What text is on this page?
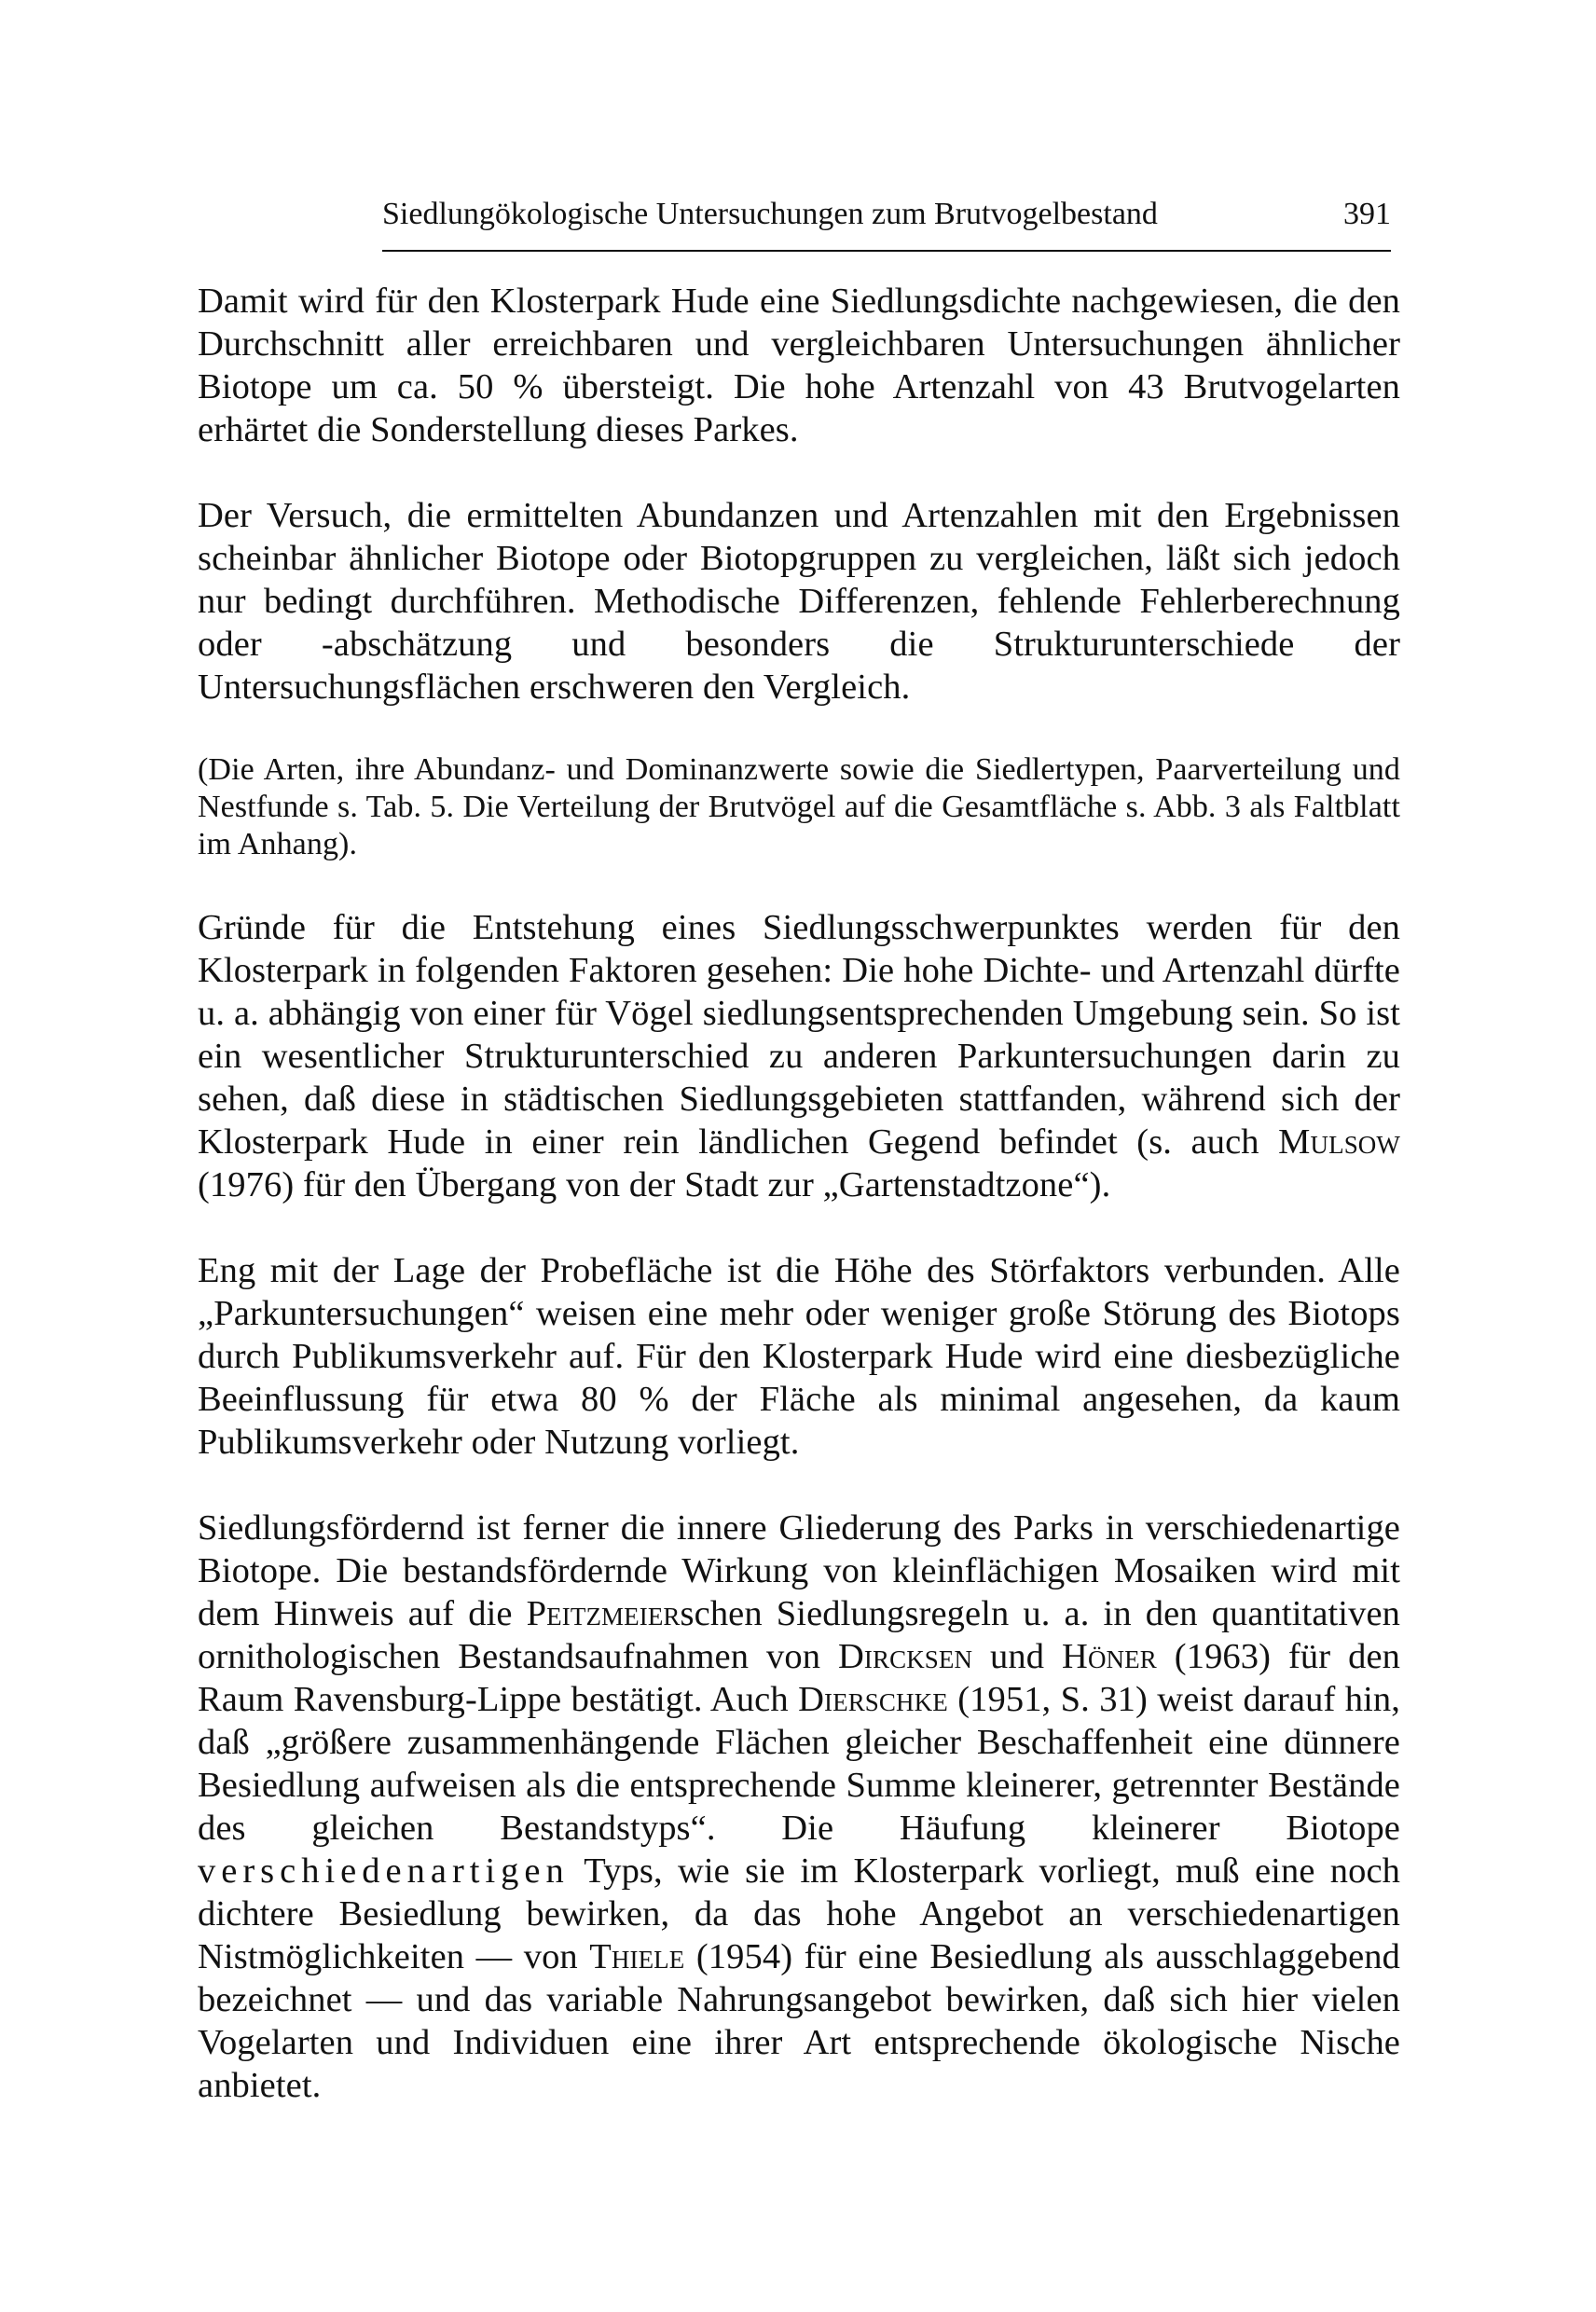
Siedlungökologische Untersuchungen zum Brutvogelbestand	391

Damit wird für den Klosterpark Hude eine Siedlungsdichte nachgewiesen, die den Durchschnitt aller erreichbaren und vergleichbaren Untersuchungen ähnlicher Biotope um ca. 50 % übersteigt. Die hohe Artenzahl von 43 Brutvogelarten erhärtet die Sonderstellung dieses Parkes.

Der Versuch, die ermittelten Abundanzen und Artenzahlen mit den Ergebnissen scheinbar ähnlicher Biotope oder Biotopgruppen zu vergleichen, läßt sich jedoch nur bedingt durchführen. Methodische Differenzen, fehlende Fehlerberechnung oder -abschätzung und besonders die Strukturunterschiede der Untersuchungsflächen erschweren den Vergleich.

(Die Arten, ihre Abundanz- und Dominanzwerte sowie die Siedlertypen, Paarverteilung und Nestfunde s. Tab. 5. Die Verteilung der Brutvögel auf die Gesamtfläche s. Abb. 3 als Faltblatt im Anhang).

Gründe für die Entstehung eines Siedlungsschwerpunktes werden für den Klosterpark in folgenden Faktoren gesehen: Die hohe Dichte- und Artenzahl dürfte u. a. abhängig von einer für Vögel siedlungsentsprechenden Umgebung sein. So ist ein wesentlicher Strukturunterschied zu anderen Parkuntersuchungen darin zu sehen, daß diese in städtischen Siedlungsgebieten stattfanden, während sich der Klosterpark Hude in einer rein ländlichen Gegend befindet (s. auch Mulsow (1976) für den Übergang von der Stadt zur „Gartenstadtzone“).

Eng mit der Lage der Probefläche ist die Höhe des Störfaktors verbunden. Alle „Parkuntersuchungen“ weisen eine mehr oder weniger große Störung des Biotops durch Publikumsverkehr auf. Für den Klosterpark Hude wird eine diesbezügliche Beeinflussung für etwa 80 % der Fläche als minimal angesehen, da kaum Publikumsverkehr oder Nutzung vorliegt.

Siedlungsfördernd ist ferner die innere Gliederung des Parks in verschiedenartige Biotope. Die bestandsfördernde Wirkung von kleinflächigen Mosaiken wird mit dem Hinweis auf die Peitzmeierschen Siedlungsregeln u. a. in den quantitativen ornithologischen Bestandsaufnahmen von Dircksen und Höner (1963) für den Raum Ravensburg-Lippe bestätigt. Auch Dierschke (1951, S. 31) weist darauf hin, daß „größere zusammenhängende Flächen gleicher Beschaffenheit eine dünnere Besiedlung aufweisen als die entsprechende Summe kleinerer, getrennter Bestände des gleichen Bestandstyps“. Die Häufung kleinerer Biotope verschiedenartigen Typs, wie sie im Klosterpark vorliegt, muß eine noch dichtere Besiedlung bewirken, da das hohe Angebot an verschiedenartigen Nistmöglichkeiten — von Thiele (1954) für eine Besiedlung als ausschlaggebend bezeichnet — und das variable Nahrungsangebot bewirken, daß sich hier vielen Vogelarten und Individuen eine ihrer Art entsprechende ökologische Nische anbietet.
